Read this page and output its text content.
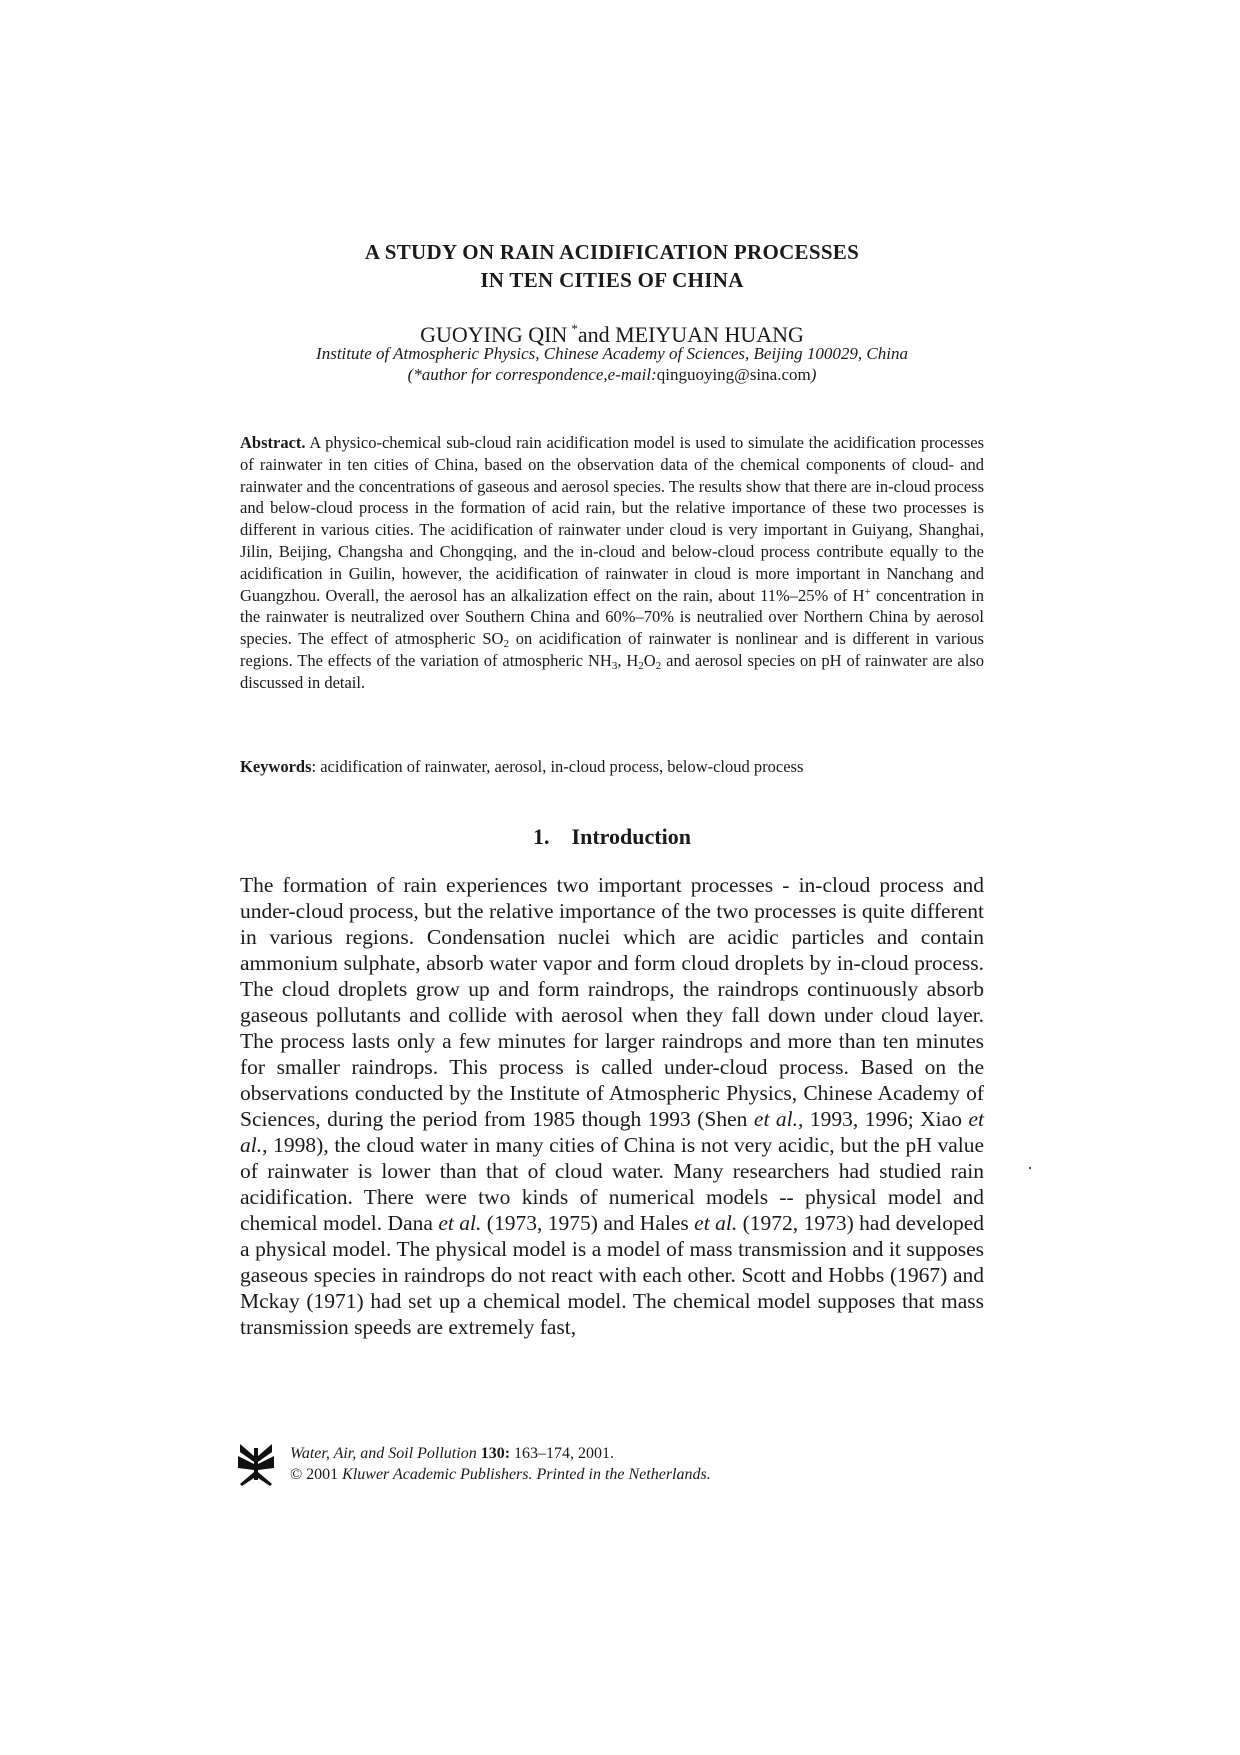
A STUDY ON RAIN ACIDIFICATION PROCESSES
IN TEN CITIES OF CHINA
GUOYING QIN *and MEIYUAN HUANG
Institute of Atmospheric Physics, Chinese Academy of Sciences, Beijing 100029, China
(*author for correspondence,e-mail:qinguoying@sina.com)
Abstract. A physico-chemical sub-cloud rain acidification model is used to simulate the acidification processes of rainwater in ten cities of China, based on the observation data of the chemical components of cloud- and rainwater and the concentrations of gaseous and aerosol species. The results show that there are in-cloud process and below-cloud process in the formation of acid rain, but the relative importance of these two processes is different in various cities. The acidification of rainwater under cloud is very important in Guiyang, Shanghai, Jilin, Beijing, Changsha and Chongqing, and the in-cloud and below-cloud process contribute equally to the acidification in Guilin, however, the acidification of rainwater in cloud is more important in Nanchang and Guangzhou. Overall, the aerosol has an alkalization effect on the rain, about 11%–25% of H+ concentration in the rainwater is neutralized over Southern China and 60%–70% is neutralied over Northern China by aerosol species. The effect of atmospheric $SO_2$ on acidification of rainwater is nonlinear and is different in various regions. The effects of the variation of atmospheric $NH_3$, $H_2O_2$ and aerosol species on pH of rainwater are also discussed in detail.
Keywords: acidification of rainwater, aerosol, in-cloud process, below-cloud process
1. Introduction
The formation of rain experiences two important processes - in-cloud process and under-cloud process, but the relative importance of the two processes is quite different in various regions. Condensation nuclei which are acidic particles and contain ammonium sulphate, absorb water vapor and form cloud droplets by in-cloud process. The cloud droplets grow up and form raindrops, the raindrops continuously absorb gaseous pollutants and collide with aerosol when they fall down under cloud layer. The process lasts only a few minutes for larger raindrops and more than ten minutes for smaller raindrops. This process is called under-cloud process. Based on the observations conducted by the Institute of Atmospheric Physics, Chinese Academy of Sciences, during the period from 1985 though 1993 (Shen et al., 1993, 1996; Xiao et al., 1998), the cloud water in many cities of China is not very acidic, but the pH value of rainwater is lower than that of cloud water. Many researchers had studied rain acidification. There were two kinds of numerical models -- physical model and chemical model. Dana et al. (1973, 1975) and Hales et al. (1972, 1973) had developed a physical model. The physical model is a model of mass transmission and it supposes gaseous species in raindrops do not react with each other. Scott and Hobbs (1967) and Mckay (1971) had set up a chemical model. The chemical model supposes that mass transmission speeds are extremely fast,
Water, Air, and Soil Pollution 130: 163–174, 2001.
© 2001 Kluwer Academic Publishers. Printed in the Netherlands.
